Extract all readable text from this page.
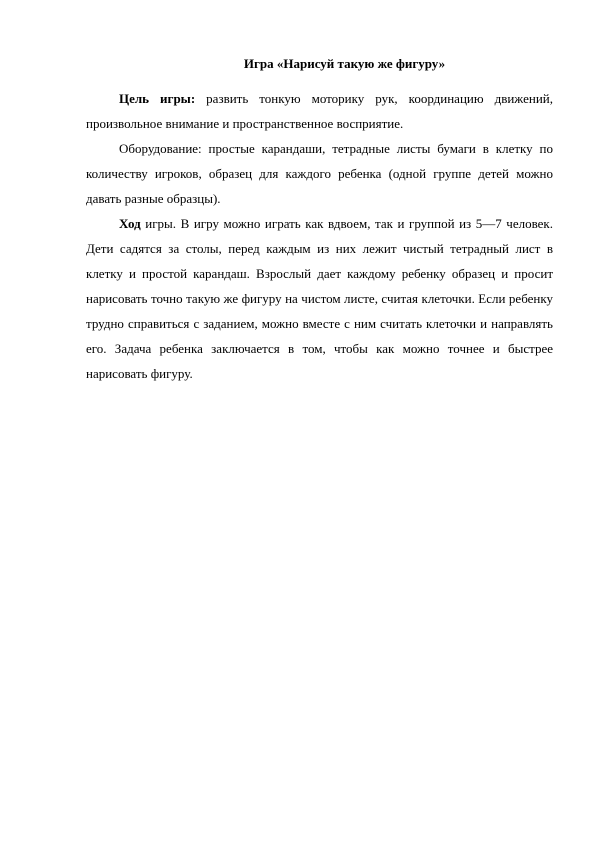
Игра «Нарисуй такую же фигуру»

Цель игры: развить тонкую моторику рук, координацию движений, произвольное внимание и пространственное восприятие.

Оборудование: простые карандаши, тетрадные листы бумаги в клетку по количеству игроков, образец для каждого ребенка (одной группе детей можно давать разные образцы).

Ход игры. В игру можно играть как вдвоем, так и группой из 5—7 человек. Дети садятся за столы, перед каждым из них лежит чистый тетрадный лист в клетку и простой карандаш. Взрослый дает каждому ребенку образец и просит нарисовать точно такую же фигуру на чистом листе, считая клеточки. Если ребенку трудно справиться с заданием, можно вместе с ним считать клеточки и направлять его. Задача ребенка заключается в том, чтобы как можно точнее и быстрее нарисовать фигуру.
